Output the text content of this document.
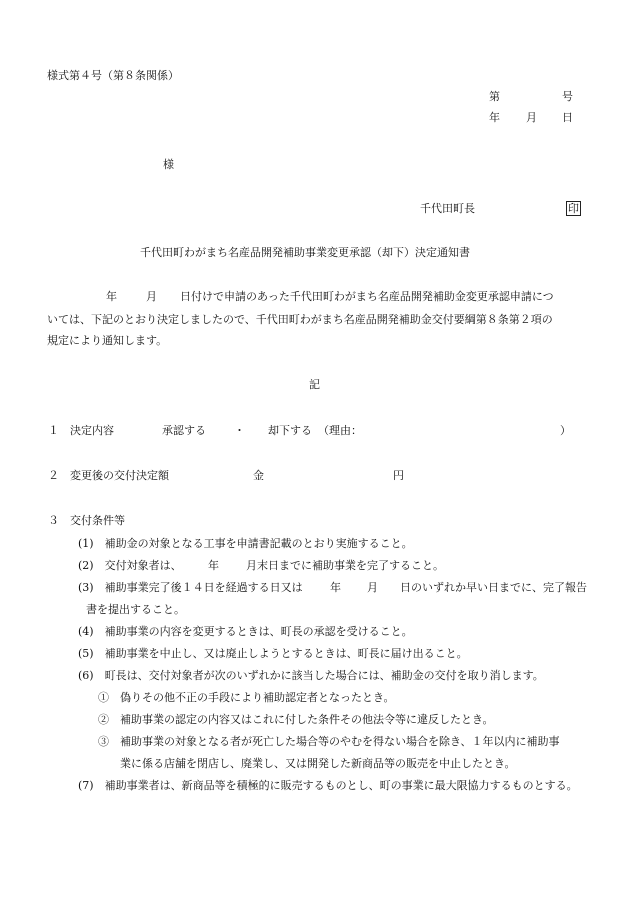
様式第４号（第８条関係）
第	号
年 月 日
様
千代田町長	印
千代田町わがまち名産品開発補助事業変更承認（却下）決定通知書
年	月 日付けで申請のあった千代田町わがまち名産品開発補助金変更承認申請につ
いては、下記のとおり決定しましたので、千代田町わがまち名産品開発補助金交付要綱第８条第２項の
規定により通知します。
記
１ 決定内容	承認する	・ 却下する （理由：	）
２ 変更後の交付決定額	金	円
３ 交付条件等
(1)　補助金の対象となる工事を申請書記載のとおり実施すること。
(2)　交付対象者は、 年 月末日までに補助事業を完了すること。
(3)　補助事業完了後１４日を経過する日又は 年 月 日のいずれか早い日までに、完了報告
書を提出すること。
(4)　補助事業の内容を変更するときは、町長の承認を受けること。
(5)　補助事業を中止し、又は廃止しようとするときは、町長に届け出ること。
(6)　町長は、交付対象者が次のいずれかに該当した場合には、補助金の交付を取り消します。
①　偽りその他不正の手段により補助認定者となったとき。
②　補助事業の認定の内容又はこれに付した条件その他法令等に違反したとき。
③　補助事業の対象となる者が死亡した場合等のやむを得ない場合を除き、１年以内に補助事
業に係る店舗を閉店し、廃業し、又は開発した新商品等の販売を中止したとき。
(7)　補助事業者は、新商品等を積極的に販売するものとし、町の事業に最大限協力するものとする。
